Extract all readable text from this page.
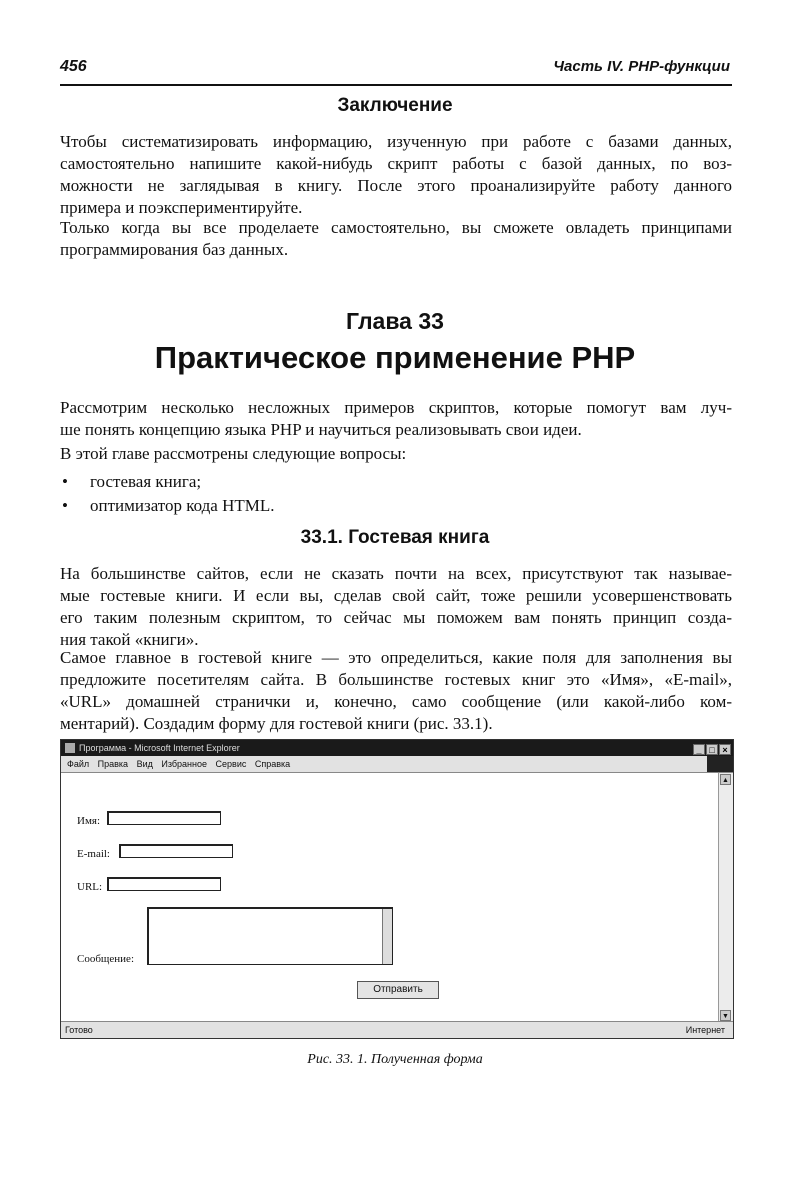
456	Часть IV. PHP-функции
Заключение
Чтобы систематизировать информацию, изученную при работе с базами данных,
самостоятельно напишите какой-нибудь скрипт работы с базой данных, по воз-
можности не заглядывая в книгу. После этого проанализируйте работу данного
примера и поэкспериментируйте.
Только когда вы все проделаете самостоятельно, вы сможете овладеть принципами
программирования баз данных.
Глава 33
Практическое применение PHP
Рассмотрим несколько несложных примеров скриптов, которые помогут вам луч-
ше понять концепцию языка PHP и научиться реализовывать свои идеи.
В этой главе рассмотрены следующие вопросы:
• гостевая книга;
• оптимизатор кода HTML.
33.1. Гостевая книга
На большинстве сайтов, если не сказать почти на всех, присутствуют так называе-
мые гостевые книги. И если вы, сделав свой сайт, тоже решили усовершенствовать
его таким полезным скриптом, то сейчас мы поможем вам понять принцип созда-
ния такой «книги».
Самое главное в гостевой книге — это определиться, какие поля для заполнения вы
предложите посетителям сайта. В большинстве гостевых книг это «Имя», «E-mail»,
«URL» домашней странички и, конечно, само сообщение (или какой-либо ком-
ментарий). Создадим форму для гостевой книги (рис. 33.1).
Программа - Microsoft Internet Explorer	_ □ ×
Файл Правка Вид Избранное Сервис Справка
Имя:
E-mail:
URL:
Сообщение:
Отправить
▲
▼
Готово	Интернет
Рис. 33. 1. Полученная форма
